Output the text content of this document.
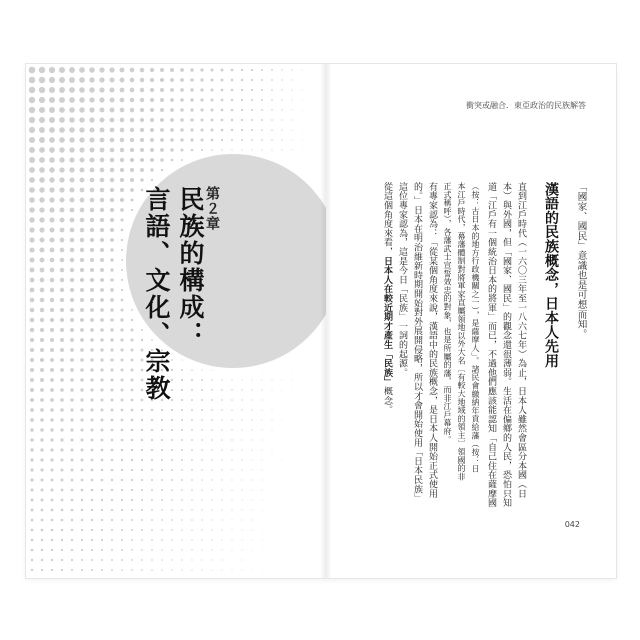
第２章
民族的構成：
言語、文化、宗教
衝突或融合．東亞政治的民族解答
「國家、國民」意識也是可想而知。
漢語的民族概念，日本人先用
直到江戶時代（一六〇三年至一八六七年）為止，日本人雖然會區分本國（日
本）與外國，但「國家、國民」的觀念還很薄弱。生活在偏鄉的人民，恐怕只知
道「江戶有一個統治日本的將軍」而已，不過他們應該能認知「自己住在薩摩國
（按：古日本的地方行政機關之一），是薩摩人」。諸民會繳納年貢給藩（按：日
本江戶時代，幕藩體制對將軍家直屬領地以外大名〔有較大地域的領主〕領國的非
正式稱呼），各藩武士宣誓效忠的對象，也是所屬的藩，而非江戶幕府。
有專家認為：「從某個角度來說，漢語中的民族概念，是日本人開始正式使用
的。」日本在明治維新時期開始對外展開侵略，所以才會開始使用「日本民族」
這位專家認為，這是今日「民族」一詞的起源。
從這個角度來看，日本人在較近期才產生「民族」概念。
042
